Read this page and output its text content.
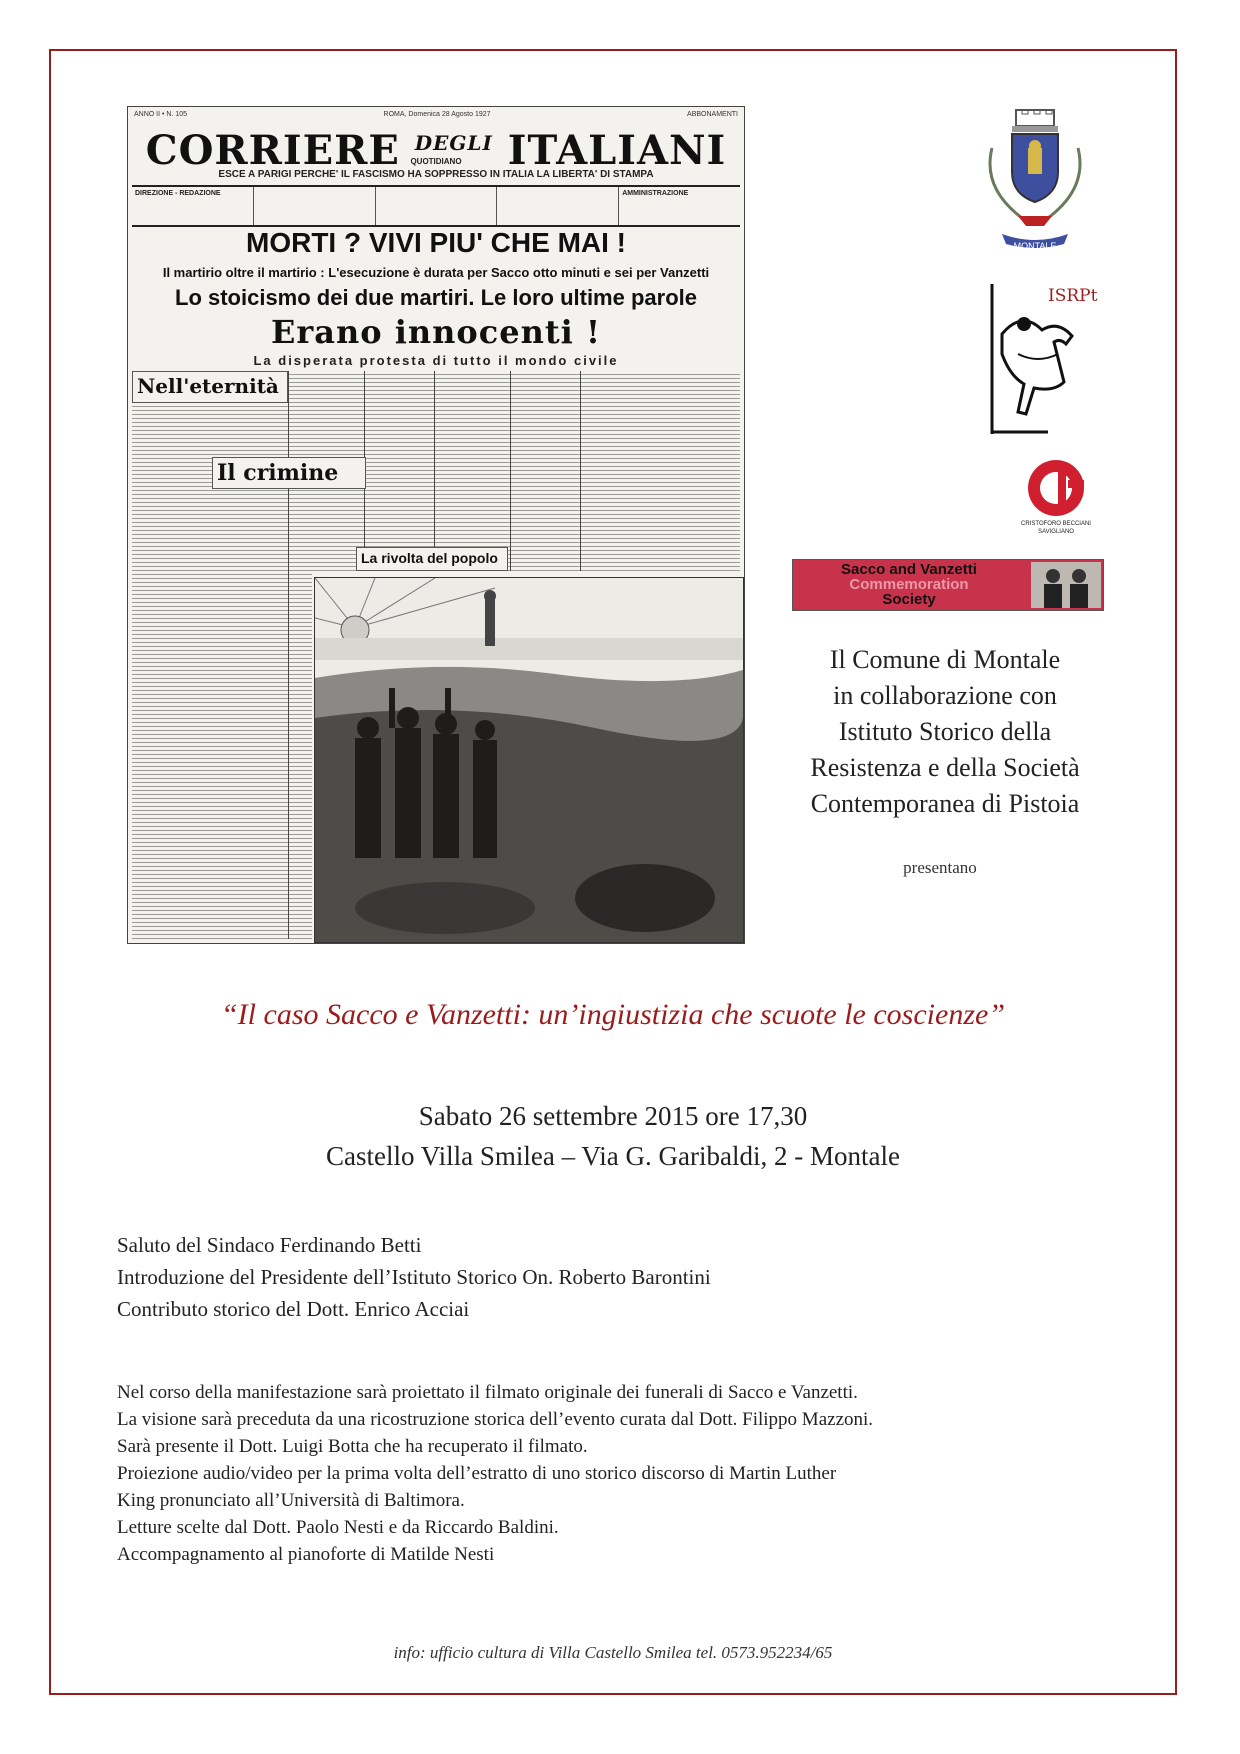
ANNO II • N. 105	ROMA, Domenica 28 Agosto 1927	ABBONAMENTI
CORRIERE $^{DEGLI}$ ITALIANI
QUOTIDIANO
ESCE A PARIGI PERCHE' IL FASCISMO HA SOPPRESSO IN ITALIA LA LIBERTA' DI STAMPA
DIREZIONE - REDAZIONE	AMMINISTRAZIONE
MORTI ? VIVI PIU' CHE MAI !
Il martirio oltre il martirio : L'esecuzione è durata per Sacco otto minuti e sei per Vanzetti
Lo stoicismo dei due martiri. Le loro ultime parole
Erano innocenti !
La disperata protesta di tutto il mondo civile
Nell'eternità
Il crimine
La rivolta del popolo
MONTALE
ISRPt
CRISTOFORO BECCIANI SAVIGLIANO
Sacco and Vanzetti
Commemoration
Society
Il Comune di Montale
in collaborazione con
Istituto Storico della
Resistenza e della Società
Contemporanea di Pistoia
presentano
“Il caso Sacco e Vanzetti: un’ingiustizia che scuote le coscienze”
Sabato 26 settembre 2015 ore 17,30
Castello Villa Smilea – Via G. Garibaldi, 2 - Montale
Saluto del Sindaco Ferdinando Betti
Introduzione del Presidente dell’Istituto Storico On. Roberto Barontini
Contributo storico del Dott. Enrico Acciai
Nel corso della manifestazione sarà proiettato il filmato originale dei funerali di Sacco e Vanzetti.
La visione sarà preceduta da una ricostruzione storica dell’evento curata dal Dott. Filippo Mazzoni.
Sarà presente il Dott. Luigi Botta che ha recuperato il filmato.
Proiezione audio/video per la prima volta dell’estratto di uno storico discorso di Martin Luther
King pronunciato all’Università di Baltimora.
Letture scelte dal Dott. Paolo Nesti e da Riccardo Baldini.
Accompagnamento al pianoforte di Matilde Nesti
info: ufficio cultura di Villa Castello Smilea tel. 0573.952234/65
